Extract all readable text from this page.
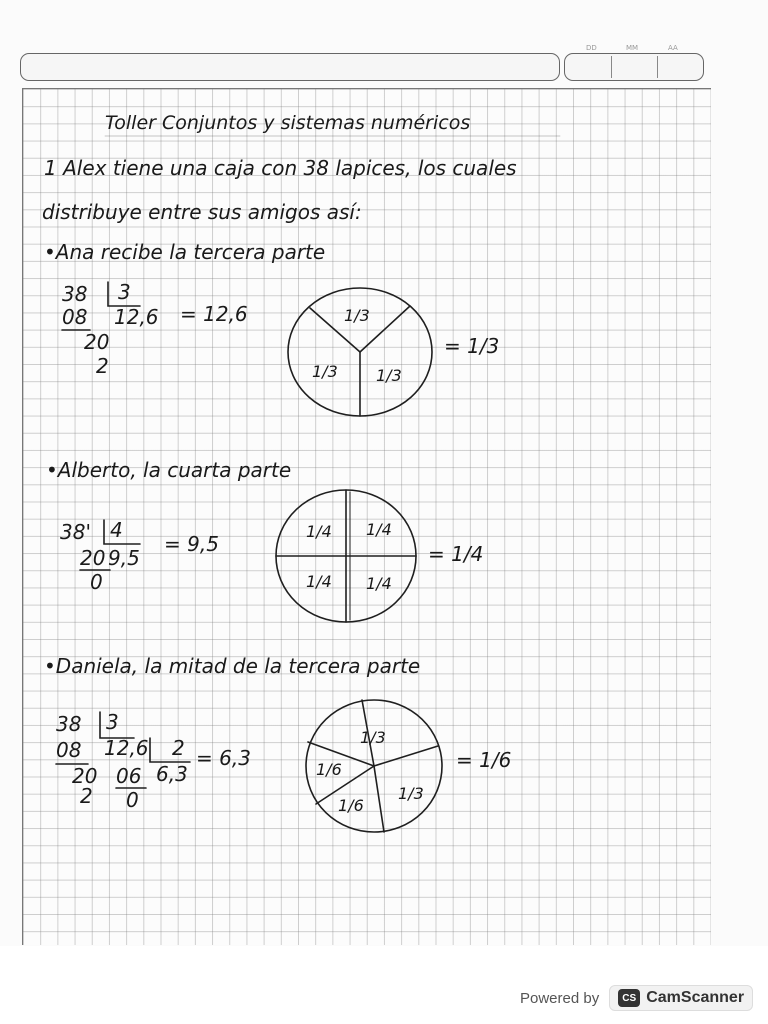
DD	MM	AA
Toller Conjuntos y sistemas numéricos
1 Alex tiene una caja con 38 lapices, los cuales
distribuye entre sus amigos así:
•Ana recibe la tercera parte
38 3
08 12,6
20
2
= 12,6	1/3
1/3 1/3
= 1/3
•Alberto, la cuarta parte
38' 4
20 9,5
0
= 9,5
1/4 1/4
1/4 1/4
= 1/4
•Daniela, la mitad de la tercera parte
38 3
08 12,6 2
06 6,3
20
2 0
= 6,3
1/3
1/6
1/6
1/3
= 1/6
Powered by	CS CamScanner
